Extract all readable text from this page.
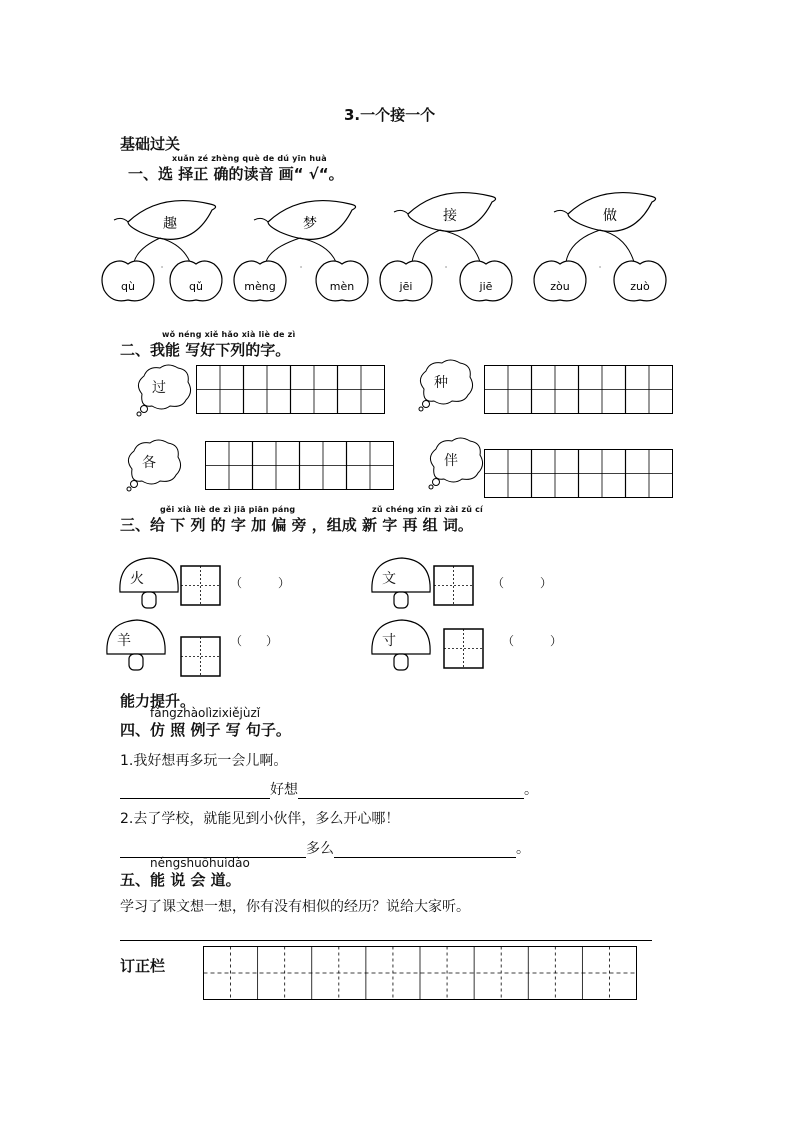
3.一个接一个
基础过关
xuǎn zé zhèng què de dú yīn huà
一、选 择正 确的读音 画“ √“。
趣
qù	qǔ
·
梦
mèng	mèn
·
接
jēi	jiē
·
做
zòu	zuò
·
wǒ néng xiě hǎo xià liè de zì
二、我能 写好下列的字。
过	种
各	伴
gěi xià liè de zì jiā piān páng	zǔ chéng xīn zì zài zǔ cí
三、给 下 列 的 字 加 偏 旁 ，组成 新 字 再 组 词。
火	（　　　）	文	（　　　）
羊	（　　）	寸	（　　　）
能力提升。
fǎngzhàolìzixiějùzǐ
四、仿 照 例子 写 句子。
1.我好想再多玩一会儿啊。
好想	。
2.去了学校，就能见到小伙伴，多么开心哪！
多么	。
néngshuōhuìdào
五、能 说 会 道。
学习了课文想一想，你有没有相似的经历？说给大家听。
订正栏
